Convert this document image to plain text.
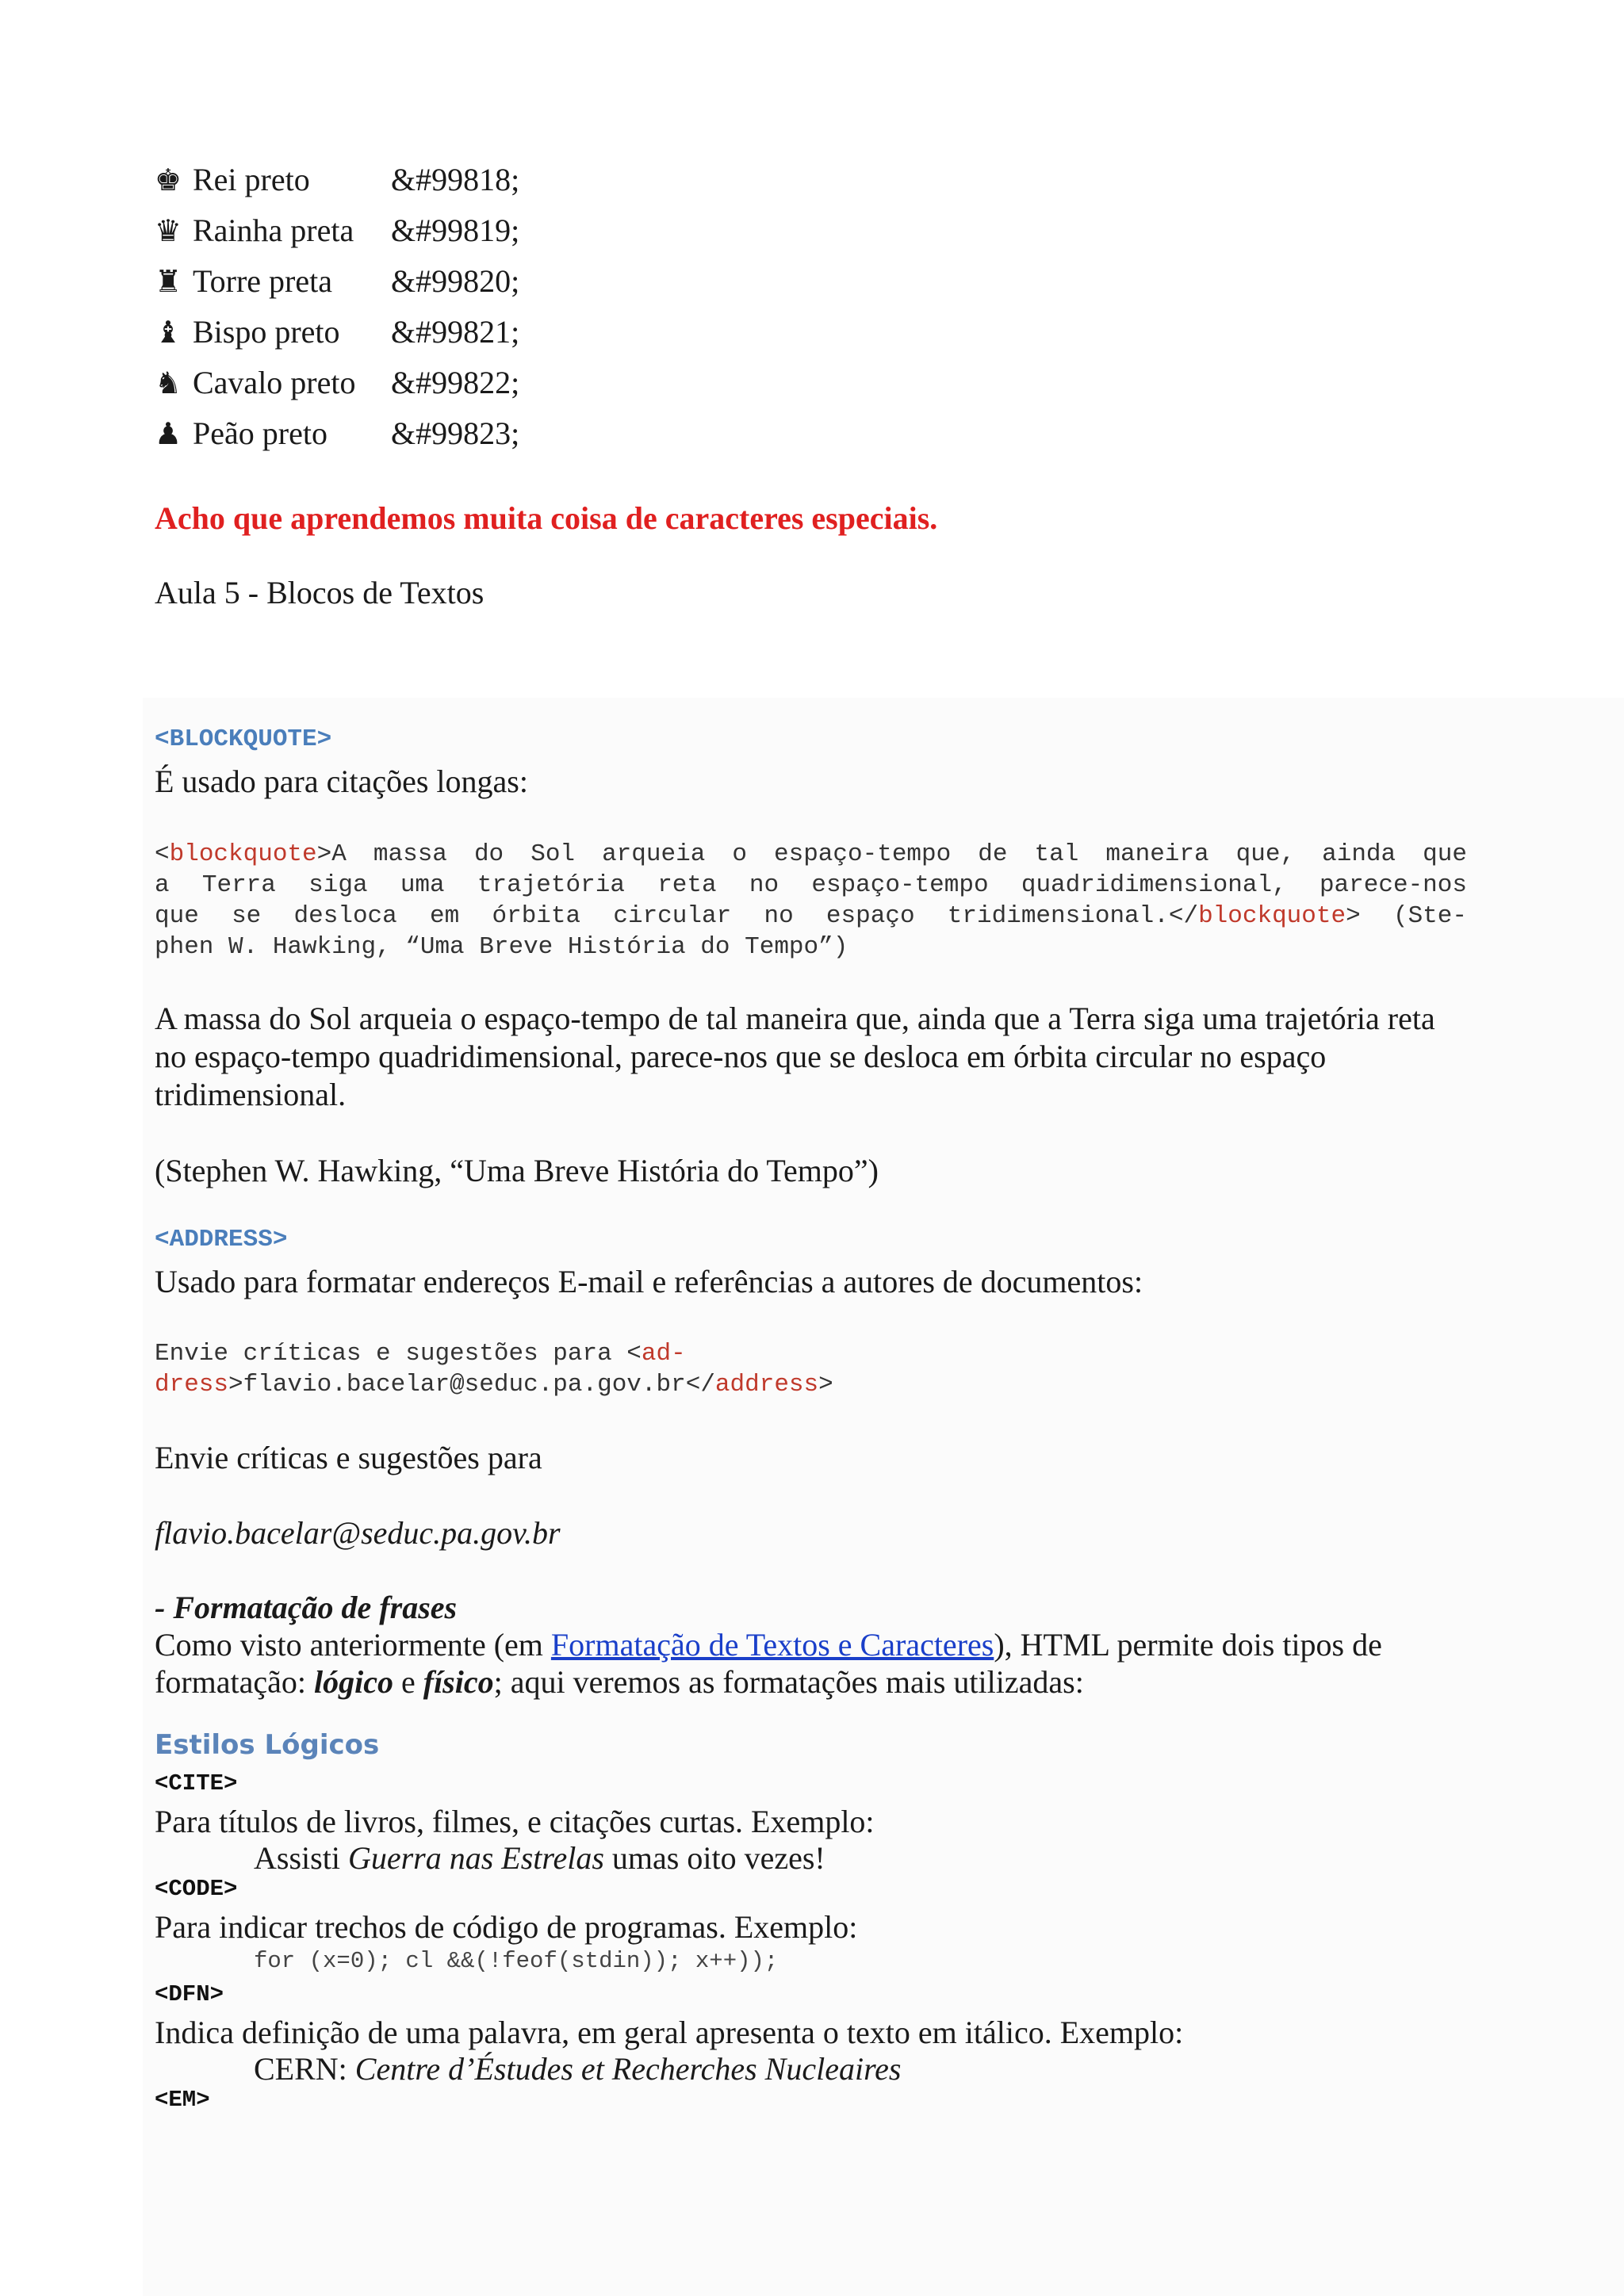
♚ Rei preto	&#99818;
♛ Rainha preta	&#99819;
♜ Torre preta	&#99820;
♝ Bispo preto	&#99821;
♞ Cavalo preto	&#99822;
♟ Peão preto	&#99823;
Acho que aprendemos muita coisa de caracteres especiais.
Aula 5 - Blocos de Textos
<BLOCKQUOTE>
É usado para citações longas:
<blockquote>A massa do Sol arqueia o espaço-tempo de tal maneira que, ainda que
a Terra siga uma trajetória reta no espaço-tempo quadridimensional, parece-nos
que se desloca em órbita circular no espaço tridimensional.</blockquote> (Ste-
phen W. Hawking, “Uma Breve História do Tempo”)
A massa do Sol arqueia o espaço-tempo de tal maneira que, ainda que a Terra siga uma trajetória reta no espaço-tempo quadridimensional, parece-nos que se desloca em órbita circular no espaço tridimensional.
(Stephen W. Hawking, “Uma Breve História do Tempo”)
<ADDRESS>
Usado para formatar endereços E-mail e referências a autores de documentos:
Envie críticas e sugestões para <ad-
dress>flavio.bacelar@seduc.pa.gov.br</address>
Envie críticas e sugestões para
flavio.bacelar@seduc.pa.gov.br
- Formatação de frases
Como visto anteriormente (em Formatação de Textos e Caracteres), HTML permite dois tipos de
formatação: lógico e físico; aqui veremos as formatações mais utilizadas:
Estilos Lógicos
<CITE>
Para títulos de livros, filmes, e citações curtas. Exemplo:
Assisti Guerra nas Estrelas umas oito vezes!
<CODE>
Para indicar trechos de código de programas. Exemplo:
for (x=0); cl &&(!feof(stdin)); x++));
<DFN>
Indica definição de uma palavra, em geral apresenta o texto em itálico. Exemplo:
CERN: Centre d’Éstudes et Recherches Nucleaires
<EM>
